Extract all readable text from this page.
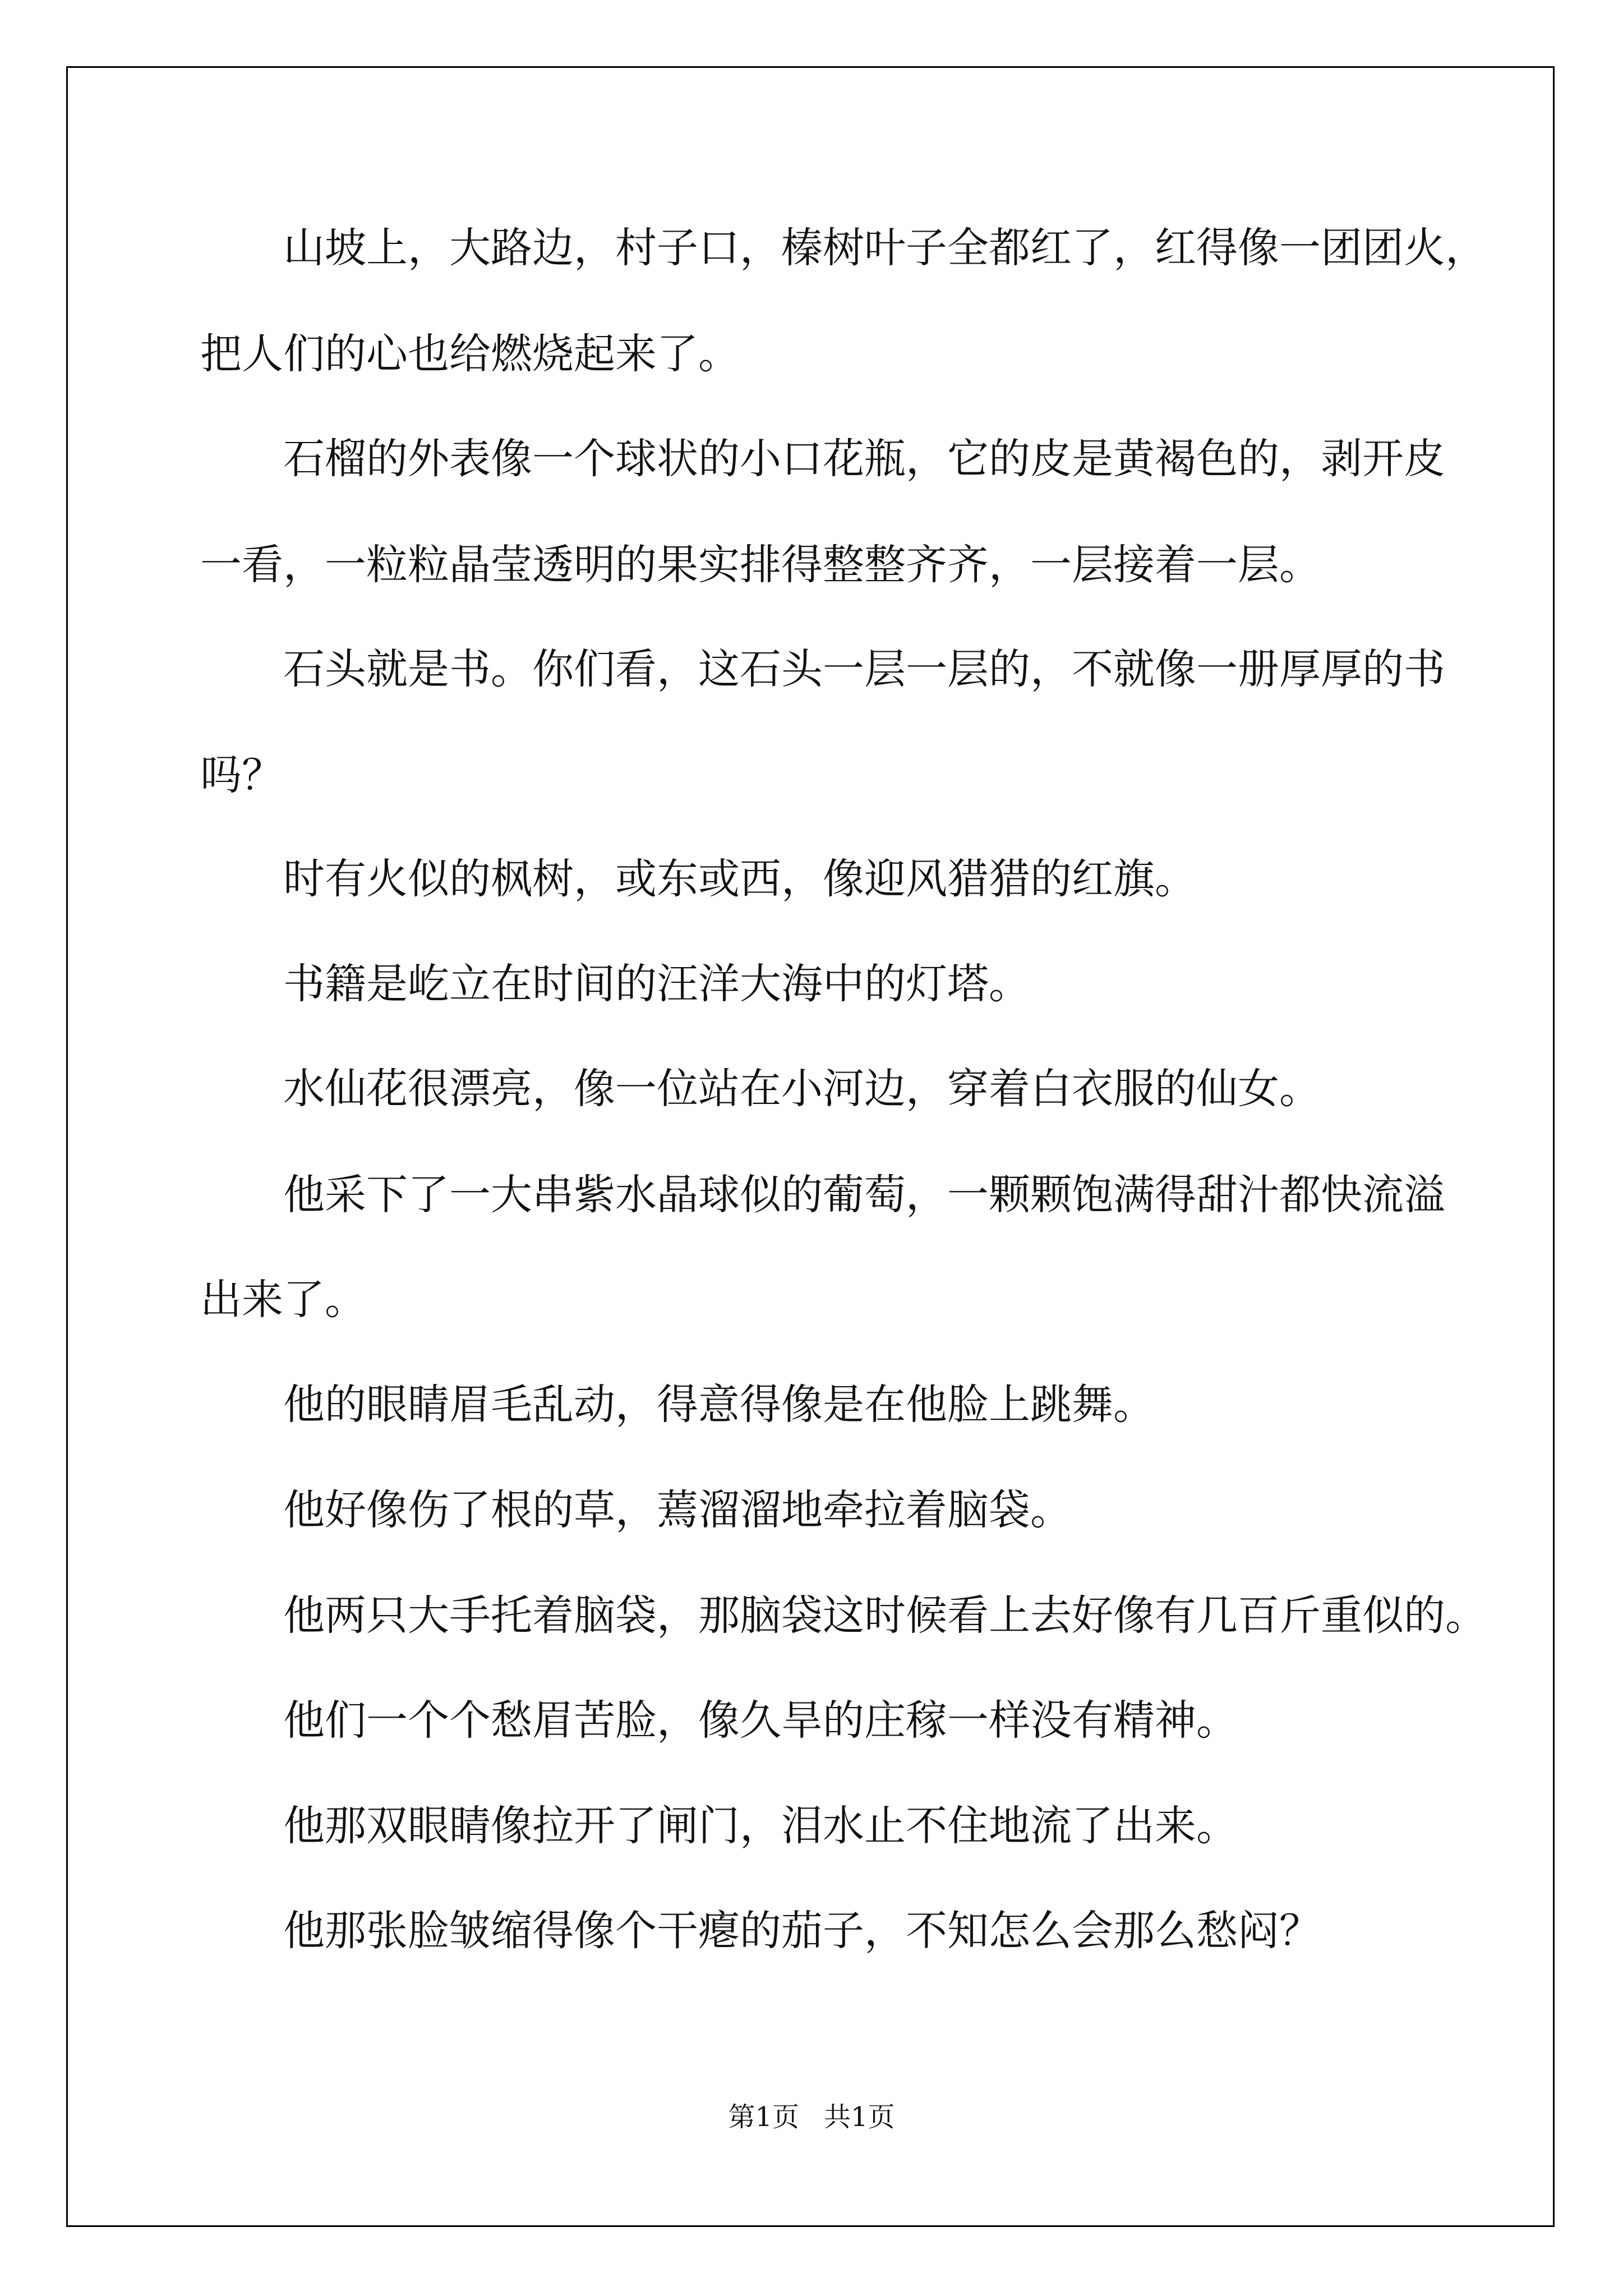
山坡上，大路边，村子口，榛树叶子全都红了，红得像一团团火，
把人们的心也给燃烧起来了。
石榴的外表像一个球状的小口花瓶，它的皮是黄褐色的，剥开皮
一看，一粒粒晶莹透明的果实排得整整齐齐，一层接着一层。
石头就是书。你们看，这石头一层一层的，不就像一册厚厚的书
吗？
时有火似的枫树，或东或西，像迎风猎猎的红旗。
书籍是屹立在时间的汪洋大海中的灯塔。
水仙花很漂亮，像一位站在小河边，穿着白衣服的仙女。
他采下了一大串紫水晶球似的葡萄，一颗颗饱满得甜汁都快流溢
出来了。
他的眼睛眉毛乱动，得意得像是在他脸上跳舞。
他好像伤了根的草，蔫溜溜地牵拉着脑袋。
他两只大手托着脑袋，那脑袋这时候看上去好像有几百斤重似的。
他们一个个愁眉苦脸，像久旱的庄稼一样没有精神。
他那双眼睛像拉开了闸门，泪水止不住地流了出来。
他那张脸皱缩得像个干瘪的茄子，不知怎么会那么愁闷？
第1页 共1页
